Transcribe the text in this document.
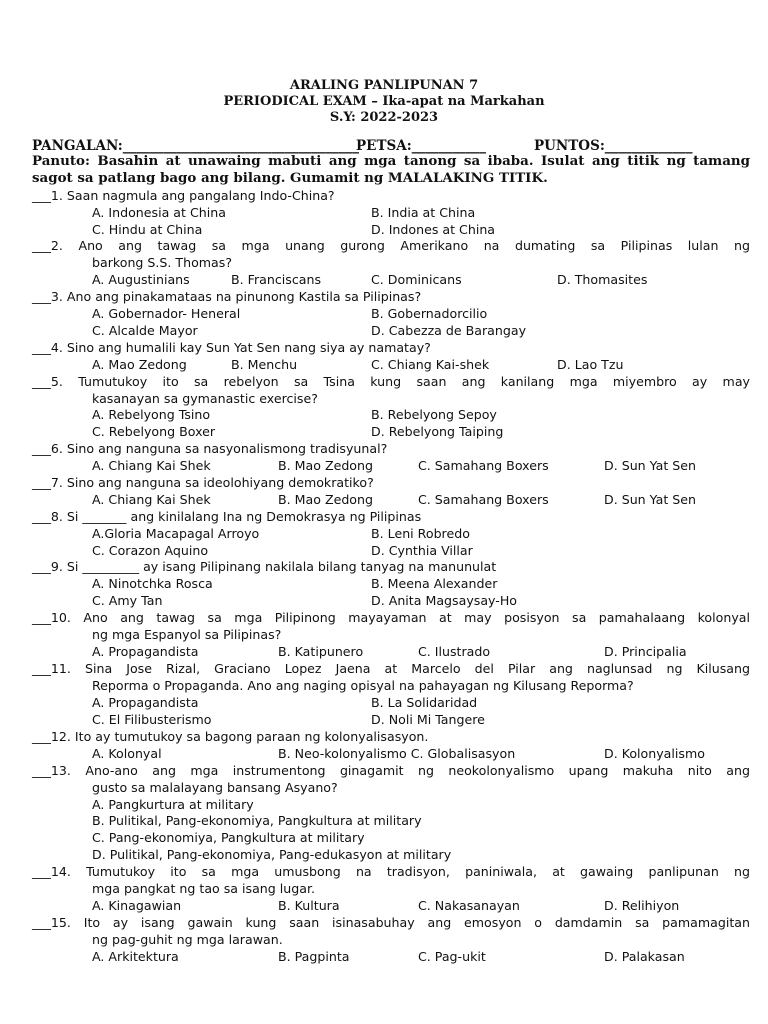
ARALING PANLIPUNAN 7
PERIODICAL EXAM – Ika-apat na Markahan
S.Y: 2022-2023
PANGALAN:___________________________________
PETSA:___________	PUNTOS:_____________
Panuto: Basahin at unawaing mabuti ang mga tanong sa ibaba. Isulat ang titik ng tamang sagot sa patlang bago ang bilang. Gumamit ng MALALAKING TITIK.
___1. Saan nagmula ang pangalang Indo-China?
A. Indonesia at China	B. India at China
C. Hindu at China	D. Indones at China
___2. Ano ang tawag sa mga unang gurong Amerikano na dumating sa Pilipinas lulan ng
barkong S.S. Thomas?
A. Augustinians	B. Franciscans	C. Dominicans	D. Thomasites
___3. Ano ang pinakamataas na pinunong Kastila sa Pilipinas?
A. Gobernador- Heneral	B. Gobernadorcilio
C. Alcalde Mayor	D. Cabezza de Barangay
___4. Sino ang humalili kay Sun Yat Sen nang siya ay namatay?
A. Mao Zedong	B. Menchu	C. Chiang Kai-shek	D. Lao Tzu
___5. Tumutukoy ito sa rebelyon sa Tsina kung saan ang kanilang mga miyembro ay may
kasanayan sa gymanastic exercise?
A. Rebelyong Tsino	B. Rebelyong Sepoy
C. Rebelyong Boxer	D. Rebelyong Taiping
___6. Sino ang nanguna sa nasyonalismong tradisyunal?
A. Chiang Kai Shek	B. Mao Zedong	C. Samahang Boxers	D. Sun Yat Sen
___7. Sino ang nanguna sa ideolohiyang demokratiko?
A. Chiang Kai Shek	B. Mao Zedong	C. Samahang Boxers	D. Sun Yat Sen
___8. Si _______ ang kinilalang Ina ng Demokrasya ng Pilipinas
A.Gloria Macapagal Arroyo	B. Leni Robredo
C. Corazon Aquino	D. Cynthia Villar
___9. Si _________ ay isang Pilipinang nakilala bilang tanyag na manunulat
A. Ninotchka Rosca	B. Meena Alexander
C. Amy Tan	D. Anita Magsaysay-Ho
___10. Ano ang tawag sa mga Pilipinong mayayaman at may posisyon sa pamahalaang kolonyal
ng mga Espanyol sa Pilipinas?
A. Propagandista	B. Katipunero	C. Ilustrado	D. Principalia
___11. Sina Jose Rizal, Graciano Lopez Jaena at Marcelo del Pilar ang naglunsad ng Kilusang
Reporma o Propaganda. Ano ang naging opisyal na pahayagan ng Kilusang Reporma?
A. Propagandista	B. La Solidaridad
C. El Filibusterismo	D. Noli Mi Tangere
___12. Ito ay tumutukoy sa bagong paraan ng kolonyalisasyon.
A. Kolonyal	B. Neo-kolonyalismo C. Globalisasyon	D. Kolonyalismo
___13. Ano-ano ang mga instrumentong ginagamit ng neokolonyalismo upang makuha nito ang
gusto sa malalayang bansang Asyano?
A. Pangkurtura at military
B. Pulitikal, Pang-ekonomiya, Pangkultura at military
C. Pang-ekonomiya, Pangkultura at military
D. Pulitikal, Pang-ekonomiya, Pang-edukasyon at military
___14. Tumutukoy ito sa mga umusbong na tradisyon, paniniwala, at gawaing panlipunan ng
mga pangkat ng tao sa isang lugar.
A. Kinagawian	B. Kultura	C. Nakasanayan	D. Relihiyon
___15. Ito ay isang gawain kung saan isinasabuhay ang emosyon o damdamin sa pamamagitan
ng pag-guhit ng mga larawan.
A. Arkitektura	B. Pagpinta	C. Pag-ukit	D. Palakasan
